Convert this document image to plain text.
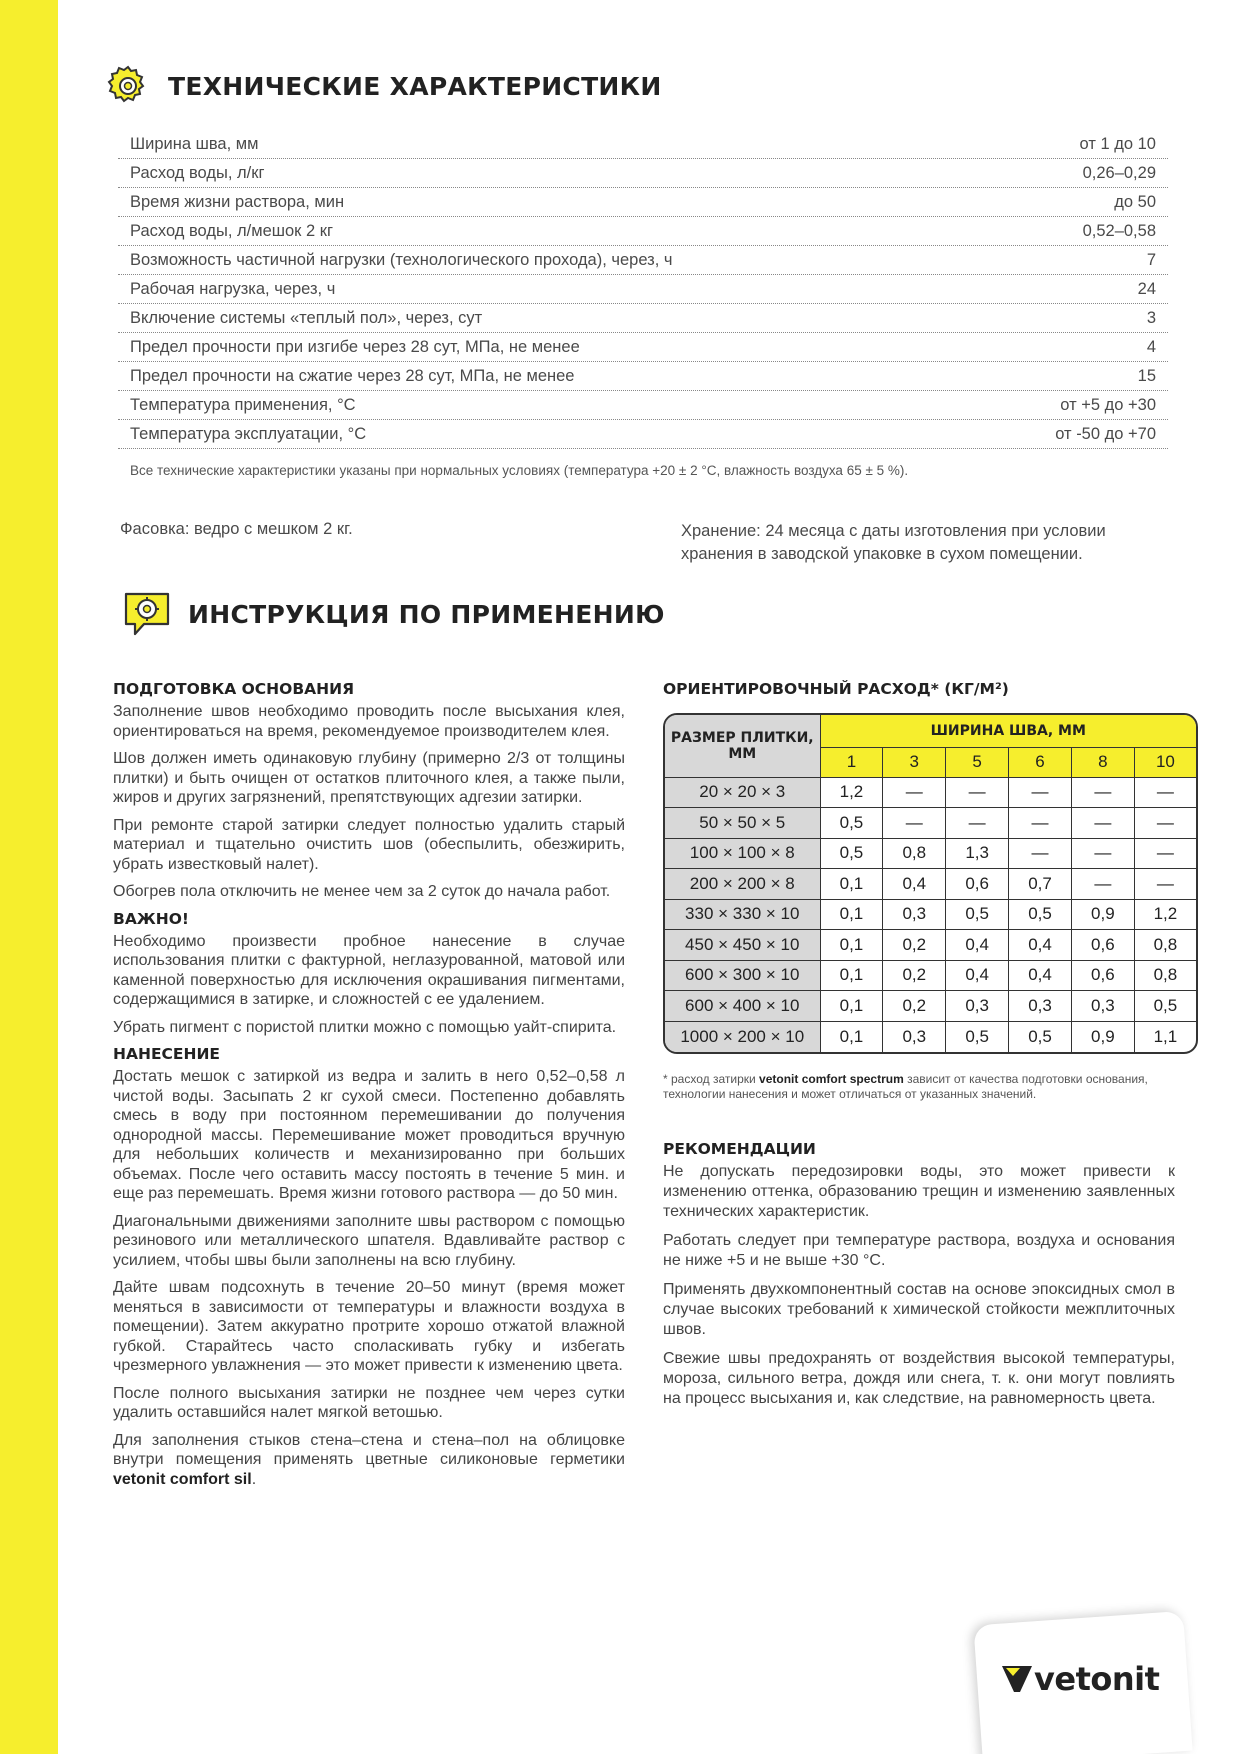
ТЕХНИЧЕСКИЕ ХАРАКТЕРИСТИКИ
Ширина шва, мм	от 1 до 10
Расход воды, л/кг	0,26–0,29
Время жизни раствора, мин	до 50
Расход воды, л/мешок 2 кг	0,52–0,58
Возможность частичной нагрузки (технологического прохода), через, ч	7
Рабочая нагрузка, через, ч	24
Включение системы «теплый пол», через, сут	3
Предел прочности при изгибе через 28 сут, МПа, не менее	4
Предел прочности на сжатие через 28 сут, МПа, не менее	15
Температура применения, °С	от +5 до +30
Температура эксплуатации, °С	от -50 до +70
Все технические характеристики указаны при нормальных условиях (температура +20 ± 2 °С, влажность воздуха 65 ± 5 %).
Фасовка: ведро с мешком 2 кг.	Хранение: 24 месяца с даты изготовления при условии хранения в заводской упаковке в сухом помещении.
ИНСТРУКЦИЯ ПО ПРИМЕНЕНИЮ
ПОДГОТОВКА ОСНОВАНИЯ

Заполнение швов необходимо проводить после высыхания клея, ориентироваться на время, рекомендуемое производителем клея.

Шов должен иметь одинаковую глубину (примерно 2/3 от толщины плитки) и быть очищен от остатков плиточного клея, а также пыли, жиров и других загрязнений, препятствующих адгезии затирки.

При ремонте старой затирки следует полностью удалить старый материал и тщательно очистить шов (обеспылить, обезжирить, убрать известковый налет).

Обогрев пола отключить не менее чем за 2 суток до начала работ.

ВАЖНО!

Необходимо произвести пробное нанесение в случае использования плитки с фактурной, неглазурованной, матовой или каменной поверхностью для исключения окрашивания пигментами, содержащимися в затирке, и сложностей с ее удалением.

Убрать пигмент с пористой плитки можно с помощью уайт-спирита.

НАНЕСЕНИЕ

Достать мешок с затиркой из ведра и залить в него 0,52–0,58 л чистой воды. Засыпать 2 кг сухой смеси. Постепенно добавлять смесь в воду при постоянном перемешивании до получения однородной массы. Перемешивание может проводиться вручную для небольших количеств и механизированно при больших объемах. После чего оставить массу постоять в течение 5 мин. и еще раз перемешать. Время жизни готового раствора — до 50 мин.

Диагональными движениями заполните швы раствором с помощью резинового или металлического шпателя. Вдавливайте раствор с усилием, чтобы швы были заполнены на всю глубину.

Дайте швам подсохнуть в течение 20–50 минут (время может меняться в зависимости от температуры и влажности воздуха в помещении). Затем аккуратно протрите хорошо отжатой влажной губкой. Старайтесь часто споласкивать губку и избегать чрезмерного увлажнения — это может привести к изменению цвета.

После полного высыхания затирки не позднее чем через сутки удалить оставшийся налет мягкой ветошью.

Для заполнения стыков стена–стена и стена–пол на облицовке внутри помещения применять цветные силиконовые герметики vetonit comfort sil.

ОРИЕНТИРОВОЧНЫЙ РАСХОД* (КГ/М²)
РАЗМЕР ПЛИТКИ, ММ	ШИРИНА ШВА, ММ					
	1	3	5	6	8	10
20 × 20 × 3	1,2	—	—	—	—	—
50 × 50 × 5	0,5	—	—	—	—	—
100 × 100 × 8	0,5	0,8	1,3	—	—	—
200 × 200 × 8	0,1	0,4	0,6	0,7	—	—
330 × 330 × 10	0,1	0,3	0,5	0,5	0,9	1,2
450 × 450 × 10	0,1	0,2	0,4	0,4	0,6	0,8
600 × 300 × 10	0,1	0,2	0,4	0,4	0,6	0,8
600 × 400 × 10	0,1	0,2	0,3	0,3	0,3	0,5
1000 × 200 × 10	0,1	0,3	0,5	0,5	0,9	1,1
* расход затирки vetonit comfort spectrum зависит от качества подготовки основания, технологии нанесения и может отличаться от указанных значений.
РЕКОМЕНДАЦИИ

Не допускать передозировки воды, это может привести к изменению оттенка, образованию трещин и изменению заявленных технических характеристик.

Работать следует при температуре раствора, воздуха и основания не ниже +5 и не выше +30 °С.

Применять двухкомпонентный состав на основе эпоксидных смол в случае высоких требований к химической стойкости межплиточных швов.

Свежие швы предохранять от воздействия высокой температуры, мороза, сильного ветра, дождя или снега, т. к. они могут повлиять на процесс высыхания и, как следствие, на равномерность цвета.

vetonit
